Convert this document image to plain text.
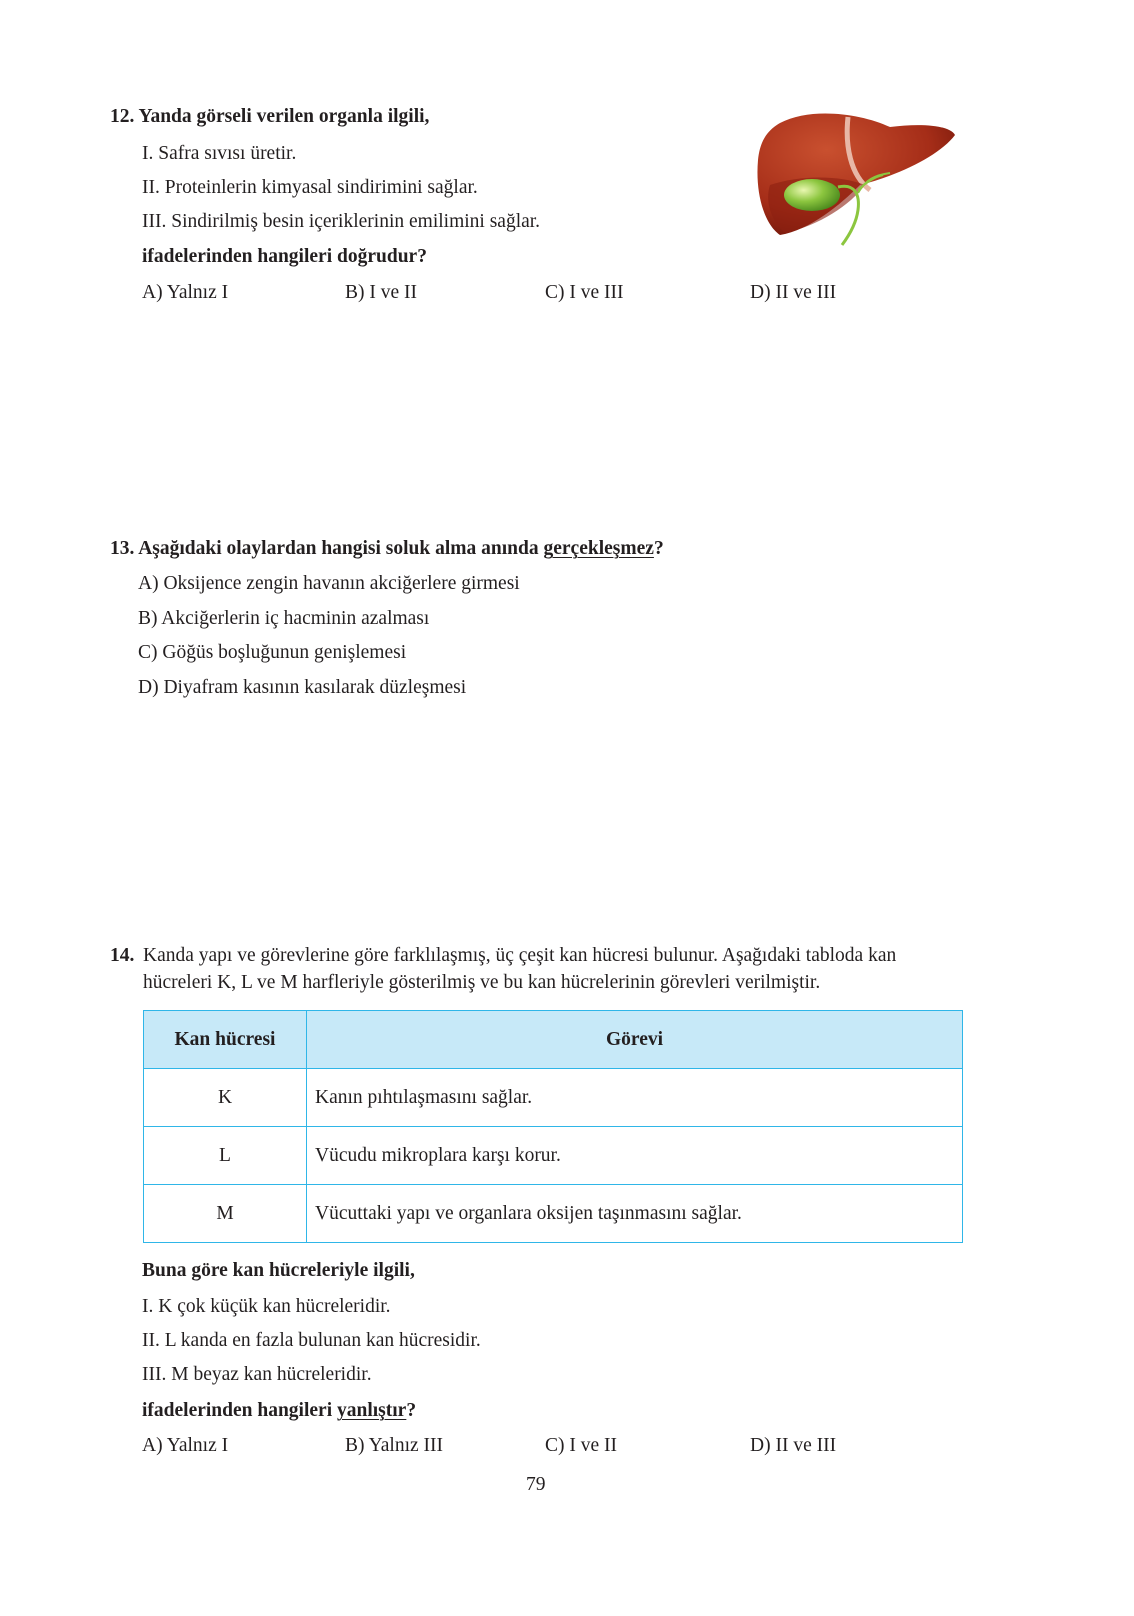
12. Yanda görseli verilen organla ilgili,
I. Safra sıvısı üretir.
II. Proteinlerin kimyasal sindirimini sağlar.
III. Sindirilmiş besin içeriklerinin emilimini sağlar.
ifadelerinden hangileri doğrudur?
A) Yalnız I	B) I ve II	C) I ve III	D) II ve III
13. Aşağıdaki olaylardan hangisi soluk alma anında gerçekleşmez?
A) Oksijence zengin havanın akciğerlere girmesi
B) Akciğerlerin iç hacminin azalması
C) Göğüs boşluğunun genişlemesi
D) Diyafram kasının kasılarak düzleşmesi
14. Kanda yapı ve görevlerine göre farklılaşmış, üç çeşit kan hücresi bulunur. Aşağıdaki tabloda kan
hücreleri K, L ve M harfleriyle gösterilmiş ve bu kan hücrelerinin görevleri verilmiştir.
Kan hücresi	Görevi
K	Kanın pıhtılaşmasını sağlar.
L	Vücudu mikroplara karşı korur.
M	Vücuttaki yapı ve organlara oksijen taşınmasını sağlar.
Buna göre kan hücreleriyle ilgili,
I. K çok küçük kan hücreleridir.
II. L kanda en fazla bulunan kan hücresidir.
III. M beyaz kan hücreleridir.
ifadelerinden hangileri yanlıştır?
A) Yalnız I	B) Yalnız III	C) I ve II	D) II ve III
79
